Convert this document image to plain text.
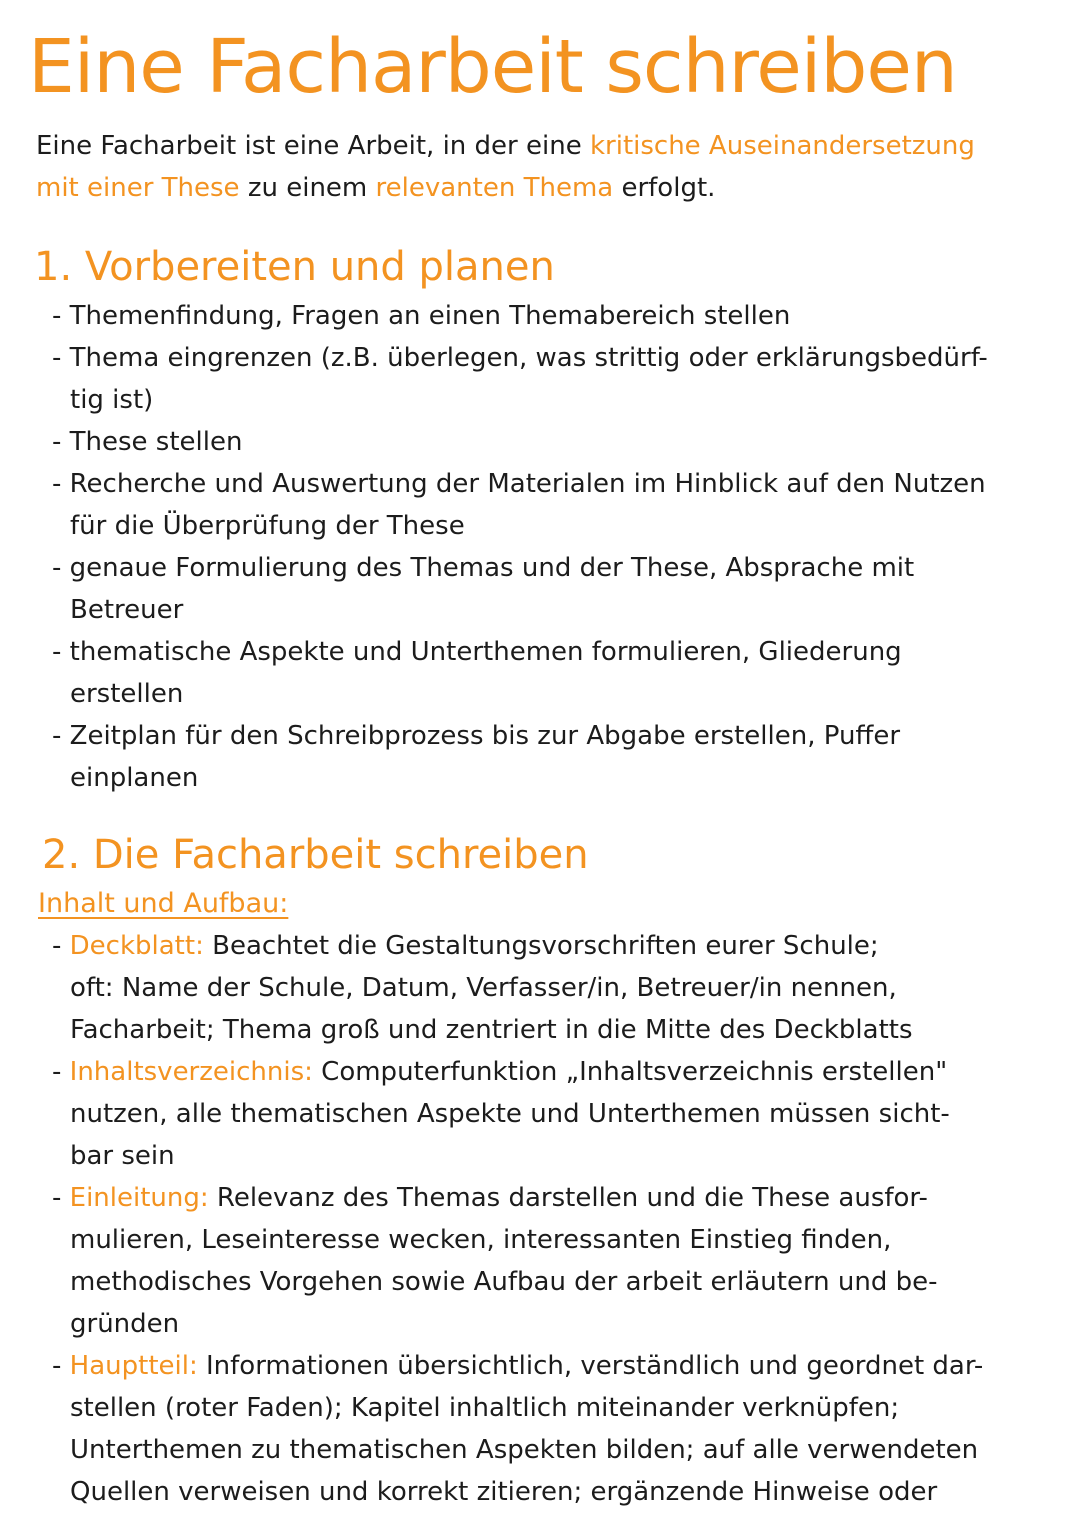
Eine Facharbeit schreiben
Eine Facharbeit ist eine Arbeit, in der eine kritische Auseinandersetzung
mit einer These zu einem relevanten Thema erfolgt.
1. Vorbereiten und planen
- Themenfindung, Fragen an einen Themabereich stellen
- Thema eingrenzen (z.B. überlegen, was strittig oder erklärungsbedürf-
tig ist)
- These stellen
- Recherche und Auswertung der Materialen im Hinblick auf den Nutzen
für die Überprüfung der These
- genaue Formulierung des Themas und der These, Absprache mit
Betreuer
- thematische Aspekte und Unterthemen formulieren, Gliederung
erstellen
- Zeitplan für den Schreibprozess bis zur Abgabe erstellen, Puffer
einplanen
2. Die Facharbeit schreiben
Inhalt und Aufbau:
- Deckblatt: Beachtet die Gestaltungsvorschriften eurer Schule;
oft: Name der Schule, Datum, Verfasser/in, Betreuer/in nennen,
Facharbeit; Thema groß und zentriert in die Mitte des Deckblatts
- Inhaltsverzeichnis: Computerfunktion „Inhaltsverzeichnis erstellen"
nutzen, alle thematischen Aspekte und Unterthemen müssen sicht-
bar sein
- Einleitung: Relevanz des Themas darstellen und die These ausfor-
mulieren, Leseinteresse wecken, interessanten Einstieg finden,
methodisches Vorgehen sowie Aufbau der arbeit erläutern und be-
gründen
- Hauptteil: Informationen übersichtlich, verständlich und geordnet dar-
stellen (roter Faden); Kapitel inhaltlich miteinander verknüpfen;
Unterthemen zu thematischen Aspekten bilden; auf alle verwendeten
Quellen verweisen und korrekt zitieren; ergänzende Hinweise oder
